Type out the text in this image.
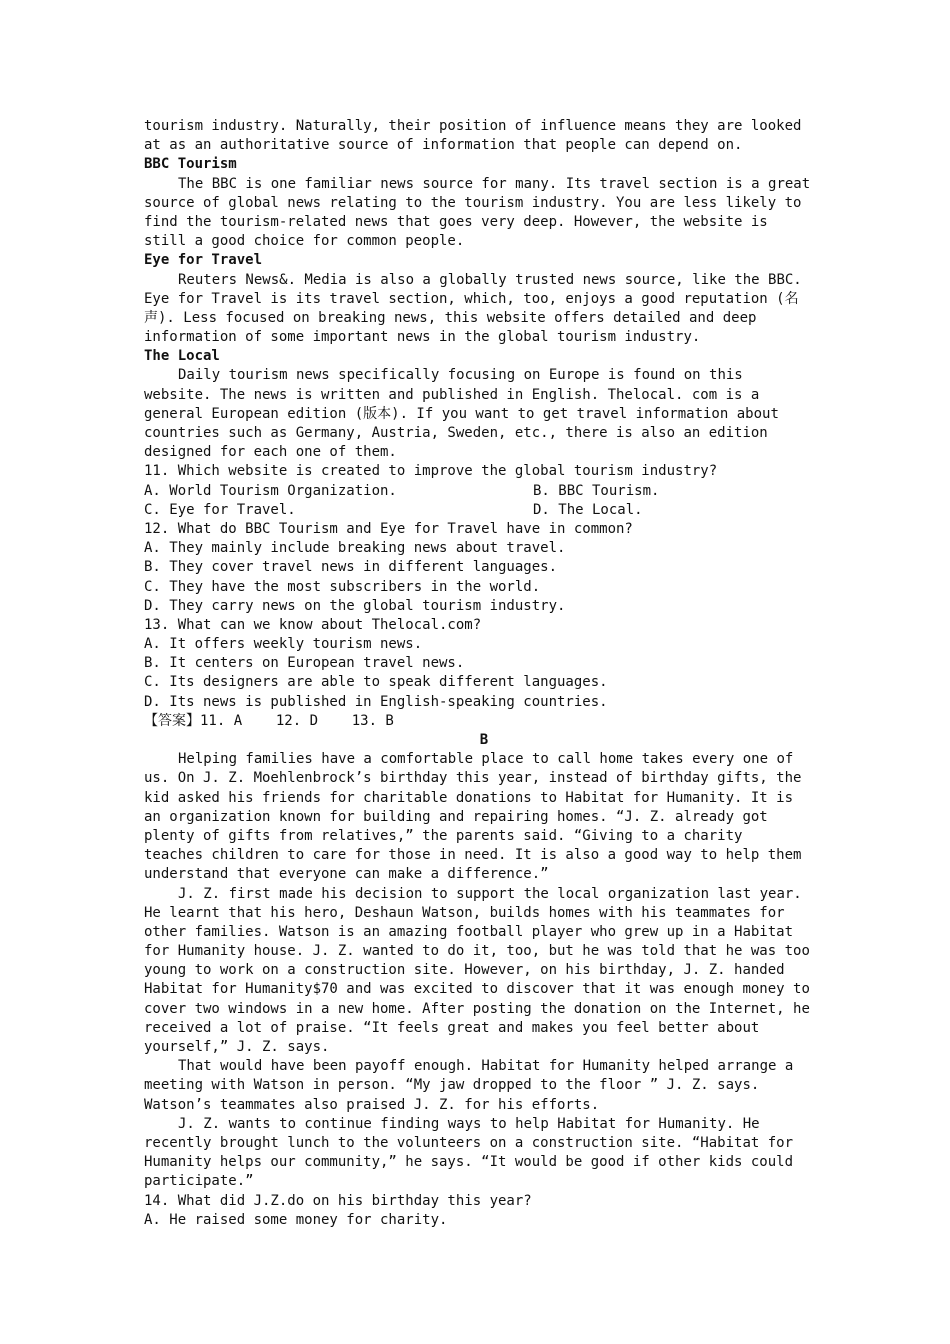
tourism industry. Naturally, their position of influence means they are looked
at as an authoritative source of information that people can depend on.
BBC Tourism
The BBC is one familiar news source for many. Its travel section is a great
source of global news relating to the tourism industry. You are less likely to
find the tourism-related news that goes very deep. However, the website is
still a good choice for common people.
Eye for Travel
Reuters News&. Media is also a globally trusted news source, like the BBC.
Eye for Travel is its travel section, which, too, enjoys a good reputation (名
声). Less focused on breaking news, this website offers detailed and deep
information of some important news in the global tourism industry.
The Local
Daily tourism news specifically focusing on Europe is found on this
website. The news is written and published in English. Thelocal. com is a
general European edition (版本). If you want to get travel information about
countries such as Germany, Austria, Sweden, etc., there is also an edition
designed for each one of them.
11. Which website is created to improve the global tourism industry?
A. World Tourism Organization.	B. BBC Tourism.
C. Eye for Travel.	D. The Local.
12. What do BBC Tourism and Eye for Travel have in common?
A. They mainly include breaking news about travel.
B. They cover travel news in different languages.
C. They have the most subscribers in the world.
D. They carry news on the global tourism industry.
13. What can we know about Thelocal.com?
A. It offers weekly tourism news.
B. It centers on European travel news.
C. Its designers are able to speak different languages.
D. Its news is published in English-speaking countries.
【答案】11. A    12. D    13. B
B
Helping families have a comfortable place to call home takes every one of
us. On J. Z. Moehlenbrock’s birthday this year, instead of birthday gifts, the
kid asked his friends for charitable donations to Habitat for Humanity. It is
an organization known for building and repairing homes. “J. Z. already got
plenty of gifts from relatives,” the parents said. “Giving to a charity
teaches children to care for those in need. It is also a good way to help them
understand that everyone can make a difference.”
J. Z. first made his decision to support the local organization last year.
He learnt that his hero, Deshaun Watson, builds homes with his teammates for
other families. Watson is an amazing football player who grew up in a Habitat
for Humanity house. J. Z. wanted to do it, too, but he was told that he was too
young to work on a construction site. However, on his birthday, J. Z. handed
Habitat for Humanity$70 and was excited to discover that it was enough money to
cover two windows in a new home. After posting the donation on the Internet, he
received a lot of praise. “It feels great and makes you feel better about
yourself,” J. Z. says.
That would have been payoff enough. Habitat for Humanity helped arrange a
meeting with Watson in person. “My jaw dropped to the floor ” J. Z. says.
Watson’s teammates also praised J. Z. for his efforts.
J. Z. wants to continue finding ways to help Habitat for Humanity. He
recently brought lunch to the volunteers on a construction site. “Habitat for
Humanity helps our community,” he says. “It would be good if other kids could
participate.”
14. What did J.Z.do on his birthday this year?
A. He raised some money for charity.
